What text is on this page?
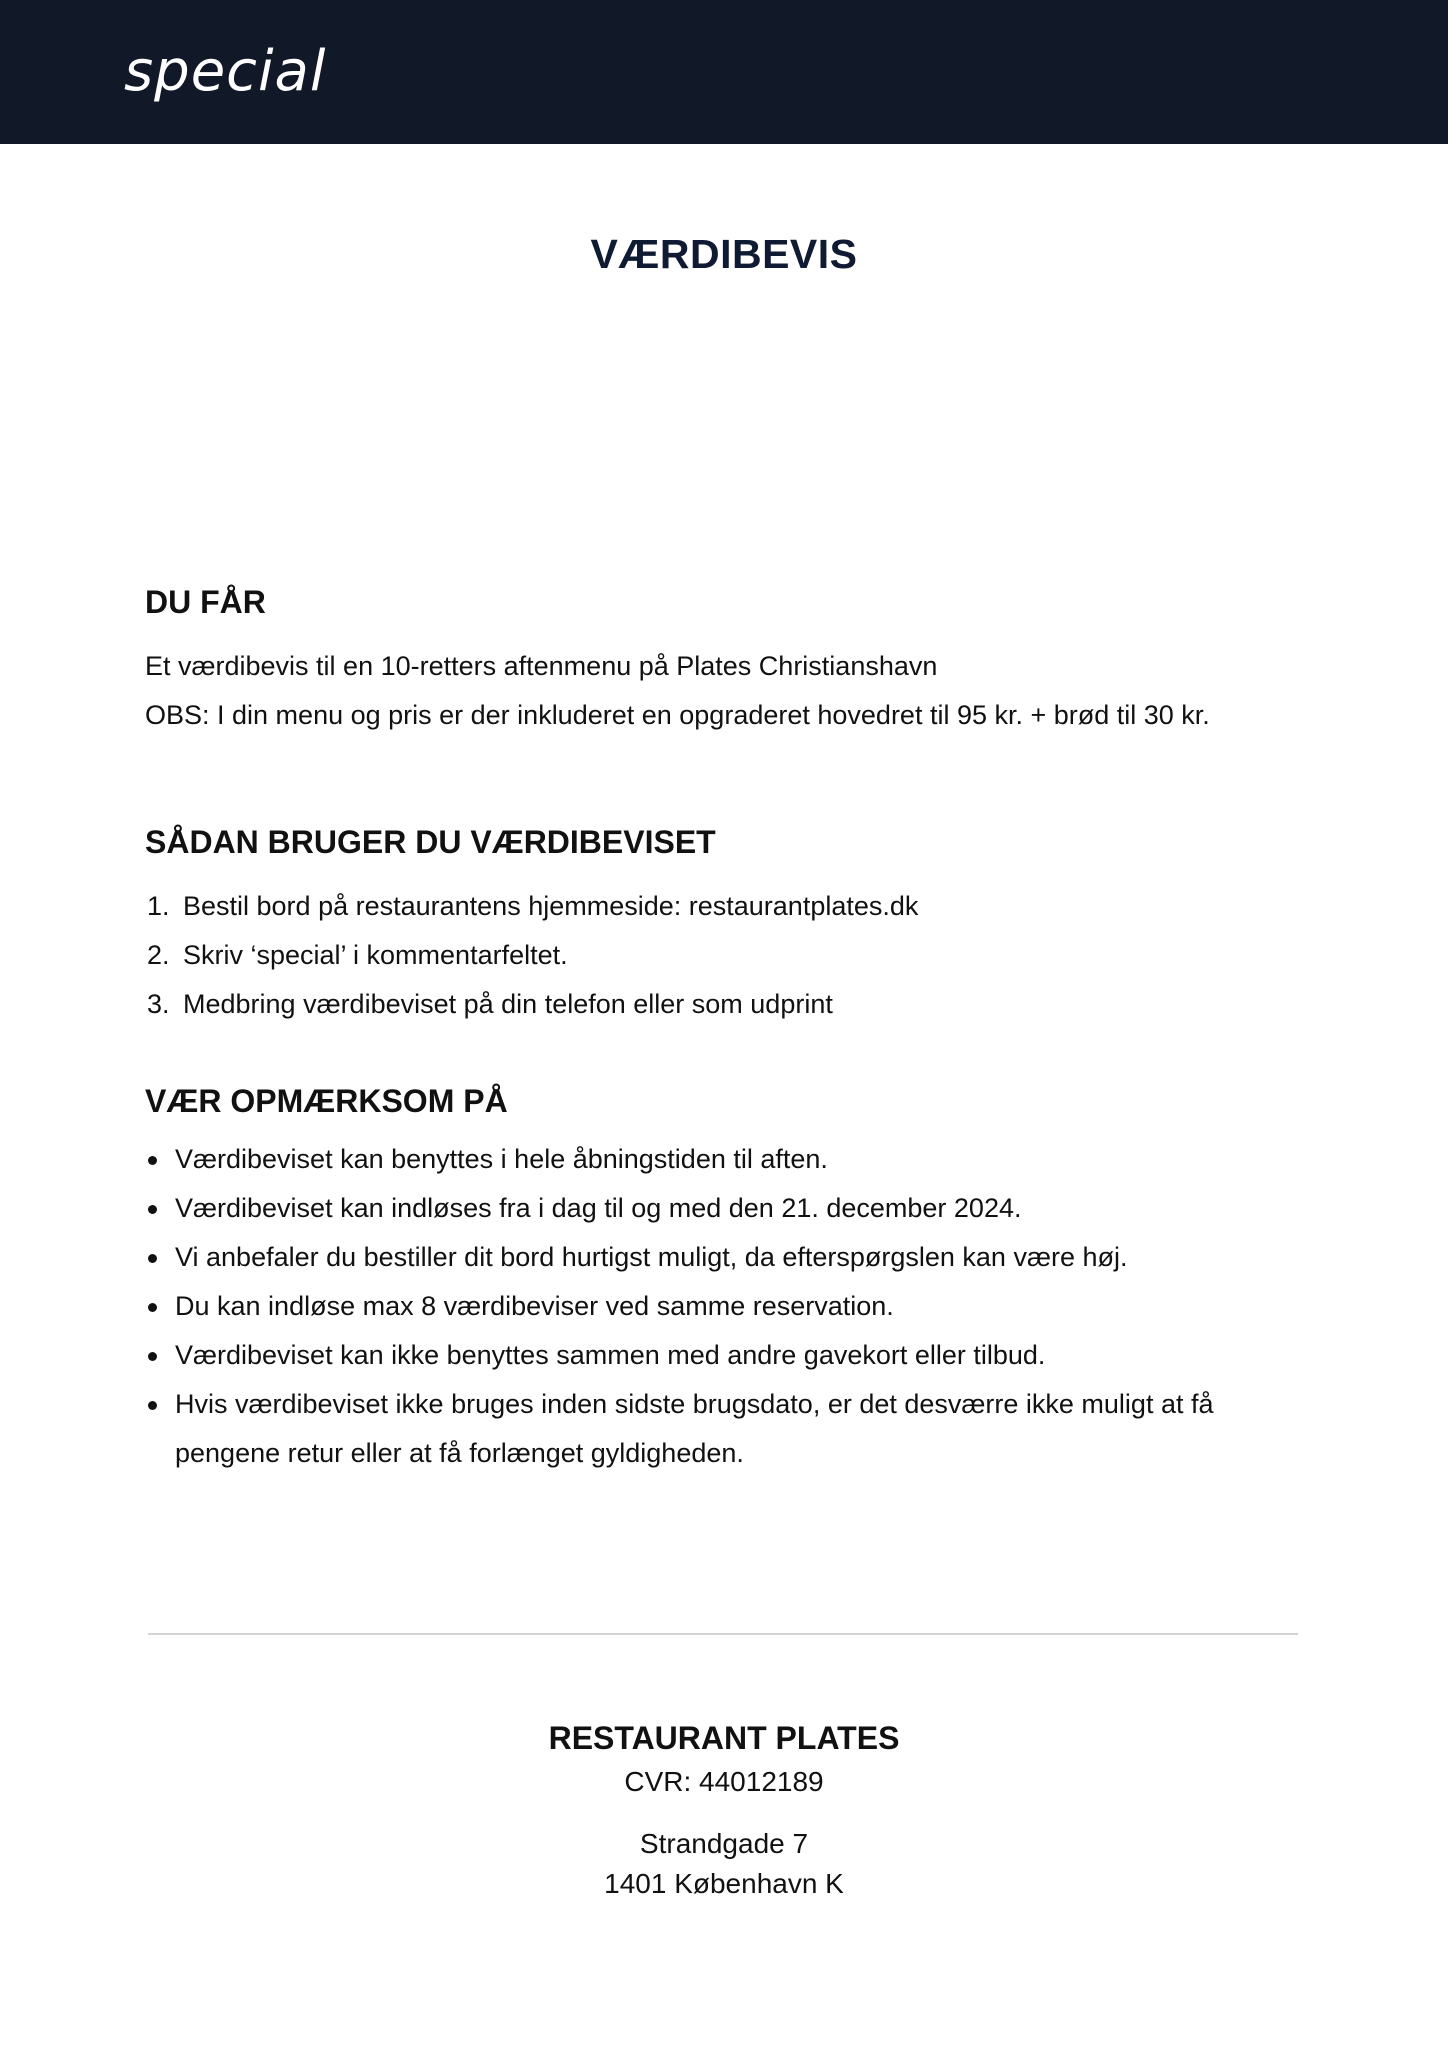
special
VÆRDIBEVIS
DU FÅR

Et værdibevis til en 10-retters aftenmenu på Plates Christianshavn

OBS: I din menu og pris er der inkluderet en opgraderet hovedret til 95 kr. + brød til 30 kr.

SÅDAN BRUGER DU VÆRDIBEVISET
1. Bestil bord på restaurantens hjemmeside: restaurantplates.dk
2. Skriv ‘special’ i kommentarfeltet.
3. Medbring værdibeviset på din telefon eller som udprint
VÆR OPMÆRKSOM PÅ
Værdibeviset kan benyttes i hele åbningstiden til aften.
Værdibeviset kan indløses fra i dag til og med den 21. december 2024.
Vi anbefaler du bestiller dit bord hurtigst muligt, da efterspørgslen kan være høj.
Du kan indløse max 8 værdibeviser ved samme reservation.
Værdibeviset kan ikke benyttes sammen med andre gavekort eller tilbud.
Hvis værdibeviset ikke bruges inden sidste brugsdato, er det desværre ikke muligt at få pengene retur eller at få forlænget gyldigheden.

RESTAURANT PLATES

CVR: 44012189

Strandgade 7

1401 København K
